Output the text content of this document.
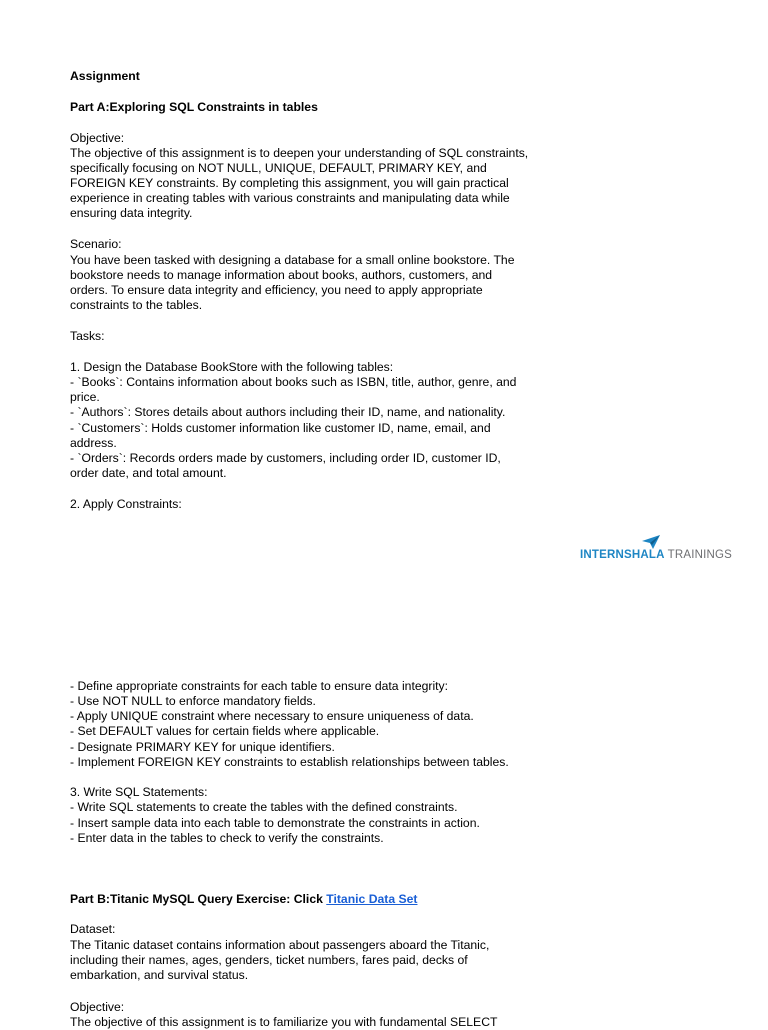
Assignment

Part A:Exploring SQL Constraints in tables

Objective:

The objective of this assignment is to deepen your understanding of SQL constraints,

specifically focusing on NOT NULL, UNIQUE, DEFAULT, PRIMARY KEY, and

FOREIGN KEY constraints. By completing this assignment, you will gain practical

experience in creating tables with various constraints and manipulating data while

ensuring data integrity.

Scenario:

You have been tasked with designing a database for a small online bookstore. The

bookstore needs to manage information about books, authors, customers, and

orders. To ensure data integrity and efficiency, you need to apply appropriate

constraints to the tables.

Tasks:

1. Design the Database BookStore with the following tables:

- `Books`: Contains information about books such as ISBN, title, author, genre, and

price.

- `Authors`: Stores details about authors including their ID, name, and nationality.

- `Customers`: Holds customer information like customer ID, name, email, and

address.

- `Orders`: Records orders made by customers, including order ID, customer ID,

order date, and total amount.

2. Apply Constraints:

INTERNSHALA TRAININGS

- Define appropriate constraints for each table to ensure data integrity:

- Use NOT NULL to enforce mandatory fields.

- Apply UNIQUE constraint where necessary to ensure uniqueness of data.

- Set DEFAULT values for certain fields where applicable.

- Designate PRIMARY KEY for unique identifiers.

- Implement FOREIGN KEY constraints to establish relationships between tables.

3. Write SQL Statements:

- Write SQL statements to create the tables with the defined constraints.

- Insert sample data into each table to demonstrate the constraints in action.

- Enter data in the tables to check to verify the constraints.

Part B:Titanic MySQL Query Exercise: Click Titanic Data Set

Dataset:

The Titanic dataset contains information about passengers aboard the Titanic,

including their names, ages, genders, ticket numbers, fares paid, decks of

embarkation, and survival status.

Objective:

The objective of this assignment is to familiarize you with fundamental SELECT
